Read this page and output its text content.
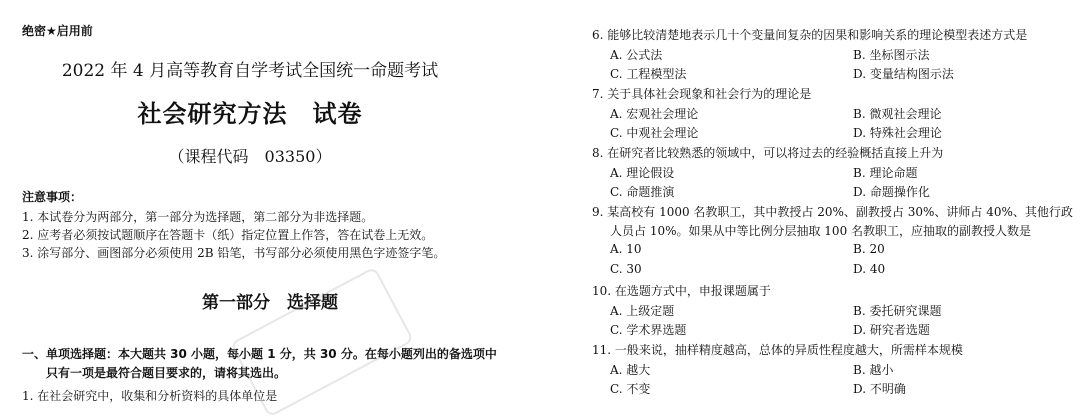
绝密★启用前
2022 年 4 月高等教育自学考试全国统一命题考试
社会研究方法　试卷
（课程代码　03350）
注意事项：
1. 本试卷分为两部分，第一部分为选择题，第二部分为非选择题。
2. 应考者必须按试题顺序在答题卡（纸）指定位置上作答，答在试卷上无效。
3. 涂写部分、画图部分必须使用 2B 铅笔，书写部分必须使用黑色字迹签字笔。
第一部分　选择题
一、单项选择题：本大题共 30 小题，每小题 1 分，共 30 分。在每小题列出的备选项中
只有一项是最符合题目要求的，请将其选出。
1. 在社会研究中，收集和分析资料的具体单位是
6. 能够比较清楚地表示几十个变量间复杂的因果和影响关系的理论模型表述方式是
A. 公式法	B. 坐标图示法
C. 工程模型法	D. 变量结构图示法
7. 关于具体社会现象和社会行为的理论是
A. 宏观社会理论	B. 微观社会理论
C. 中观社会理论	D. 特殊社会理论
8. 在研究者比较熟悉的领域中，可以将过去的经验概括直接上升为
A. 理论假设	B. 理论命题
C. 命题推演	D. 命题操作化
9. 某高校有 1000 名教职工，其中教授占 20%、副教授占 30%、讲师占 40%、其他行政
人员占 10%。如果从中等比例分层抽取 100 名教职工，应抽取的副教授人数是
A. 10	B. 20
C. 30	D. 40
10. 在选题方式中，申报课题属于
A. 上级定题	B. 委托研究课题
C. 学术界选题	D. 研究者选题
11. 一般来说，抽样精度越高，总体的异质性程度越大，所需样本规模
A. 越大	B. 越小
C. 不变	D. 不明确
